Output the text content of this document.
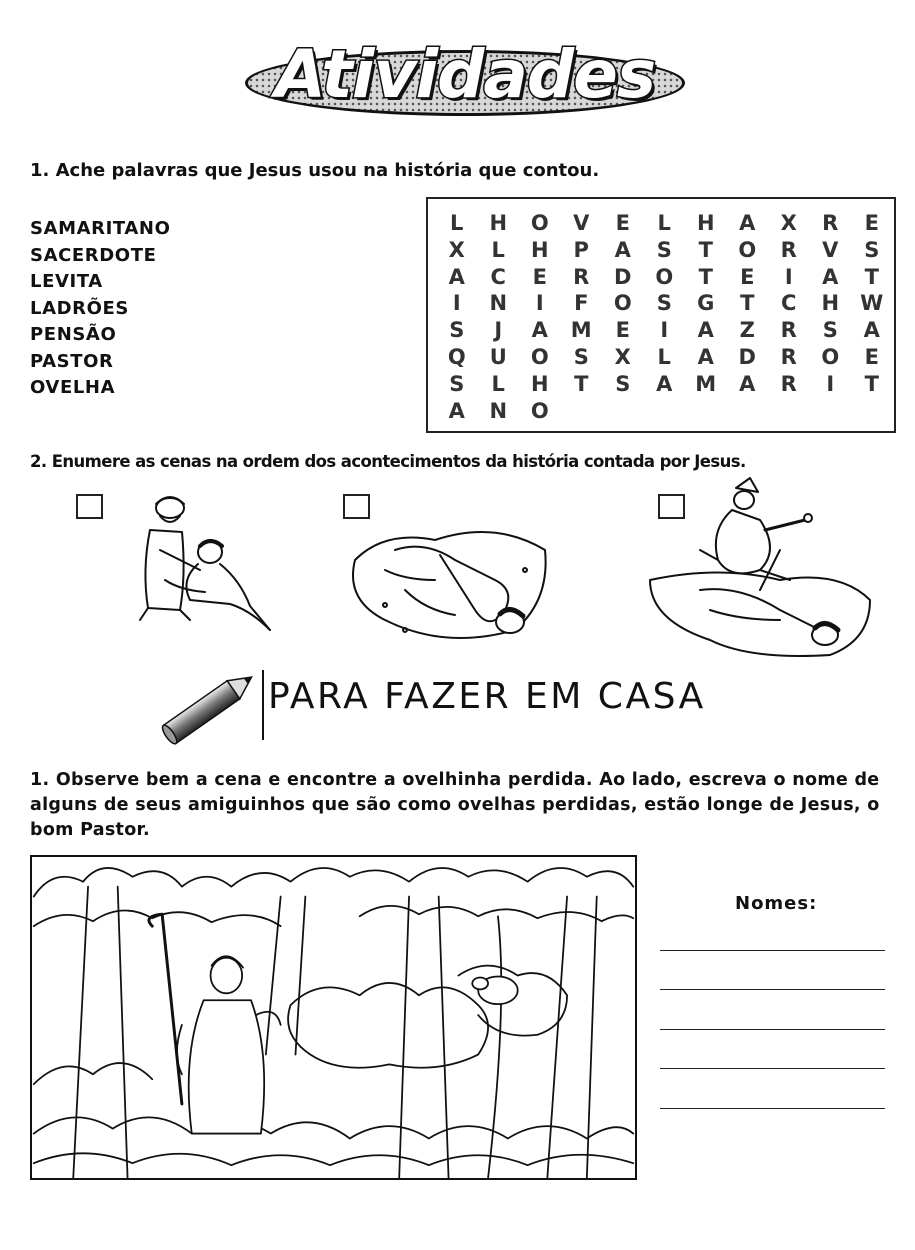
Atividades
1. Ache palavras que Jesus usou na história que contou.
SAMARITANO
SACERDOTE
LEVITA
LADRÕES
PENSÃO
PASTOR
OVELHA
L	H	O	V	E	L	H	A	X	R	E
X	L	H	P	A	S	T	O	R	V	S
A	C	E	R	D	O	T	E	I	A	T
I	N	I	F	O	S	G	T	C	H	W
S	J	A	M	E	I	A	Z	R	S	A
Q	U	O	S	X	L	A	D	R	O	E
S	L	H	T	S	A	M	A	R	I	T
A	N	O
2. Enumere as cenas na ordem dos acontecimentos da história contada por Jesus.
PARA FAZER EM CASA
1. Observe bem a cena e encontre a ovelhinha perdida. Ao lado, escreva o nome de alguns de seus amiguinhos que são como ovelhas perdidas, estão longe de Jesus, o bom Pastor.
Nomes:
